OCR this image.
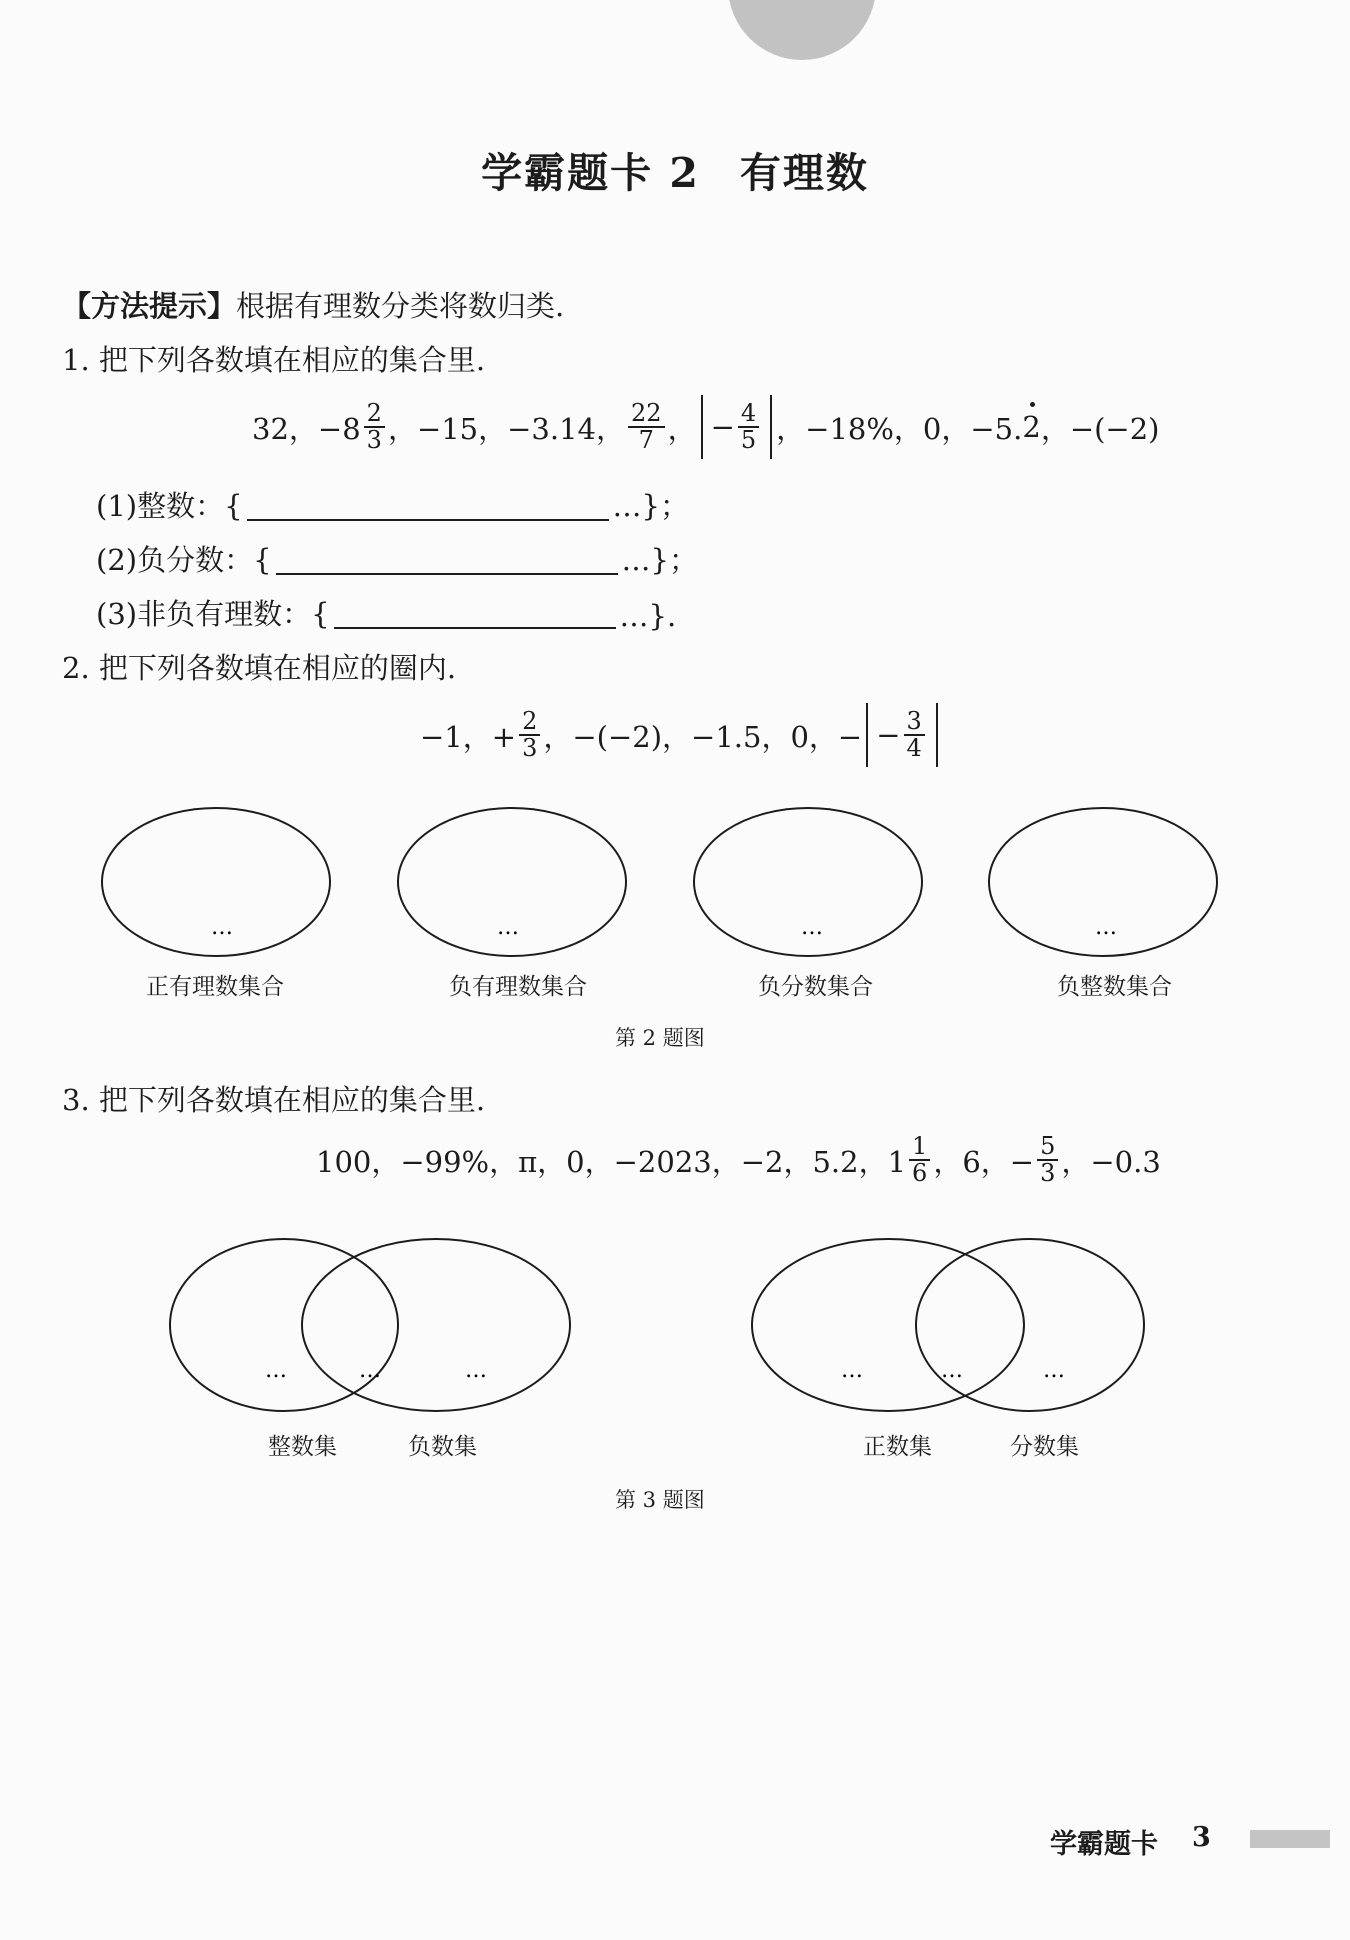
学霸题卡 2 有理数
【方法提示】根据有理数分类将数归类.
1. 把下列各数填在相应的集合里.
32，$-8 \frac{2}{3}$ ，−15，−3.14， $\frac{22}{7}$ ， − $\frac{4}{5}$ ，−18%，0，−5. 2 ，−(−2)
(1)整数：{	…}；
(2)负分数：{	…}；
(3)非负有理数：{	…}.
2. 把下列各数填在相应的圈内.
−1，+ $\frac{2}{3}$ ，−(−2)，−1.5，0，− − $\frac{3}{4}$
…	…	…	…
正有理数集合	负有理数集合	负分数集合	负整数集合
第 2 题图
3. 把下列各数填在相应的集合里.
100，−99%，π，0，−2023，−2，5.2，$1 \frac{1}{6}$ ，6，− $\frac{5}{3}$ ，−0.3
…	…	…	…	…	…
整数集	负数集	正数集	分数集
第 3 题图
学霸题卡 3
